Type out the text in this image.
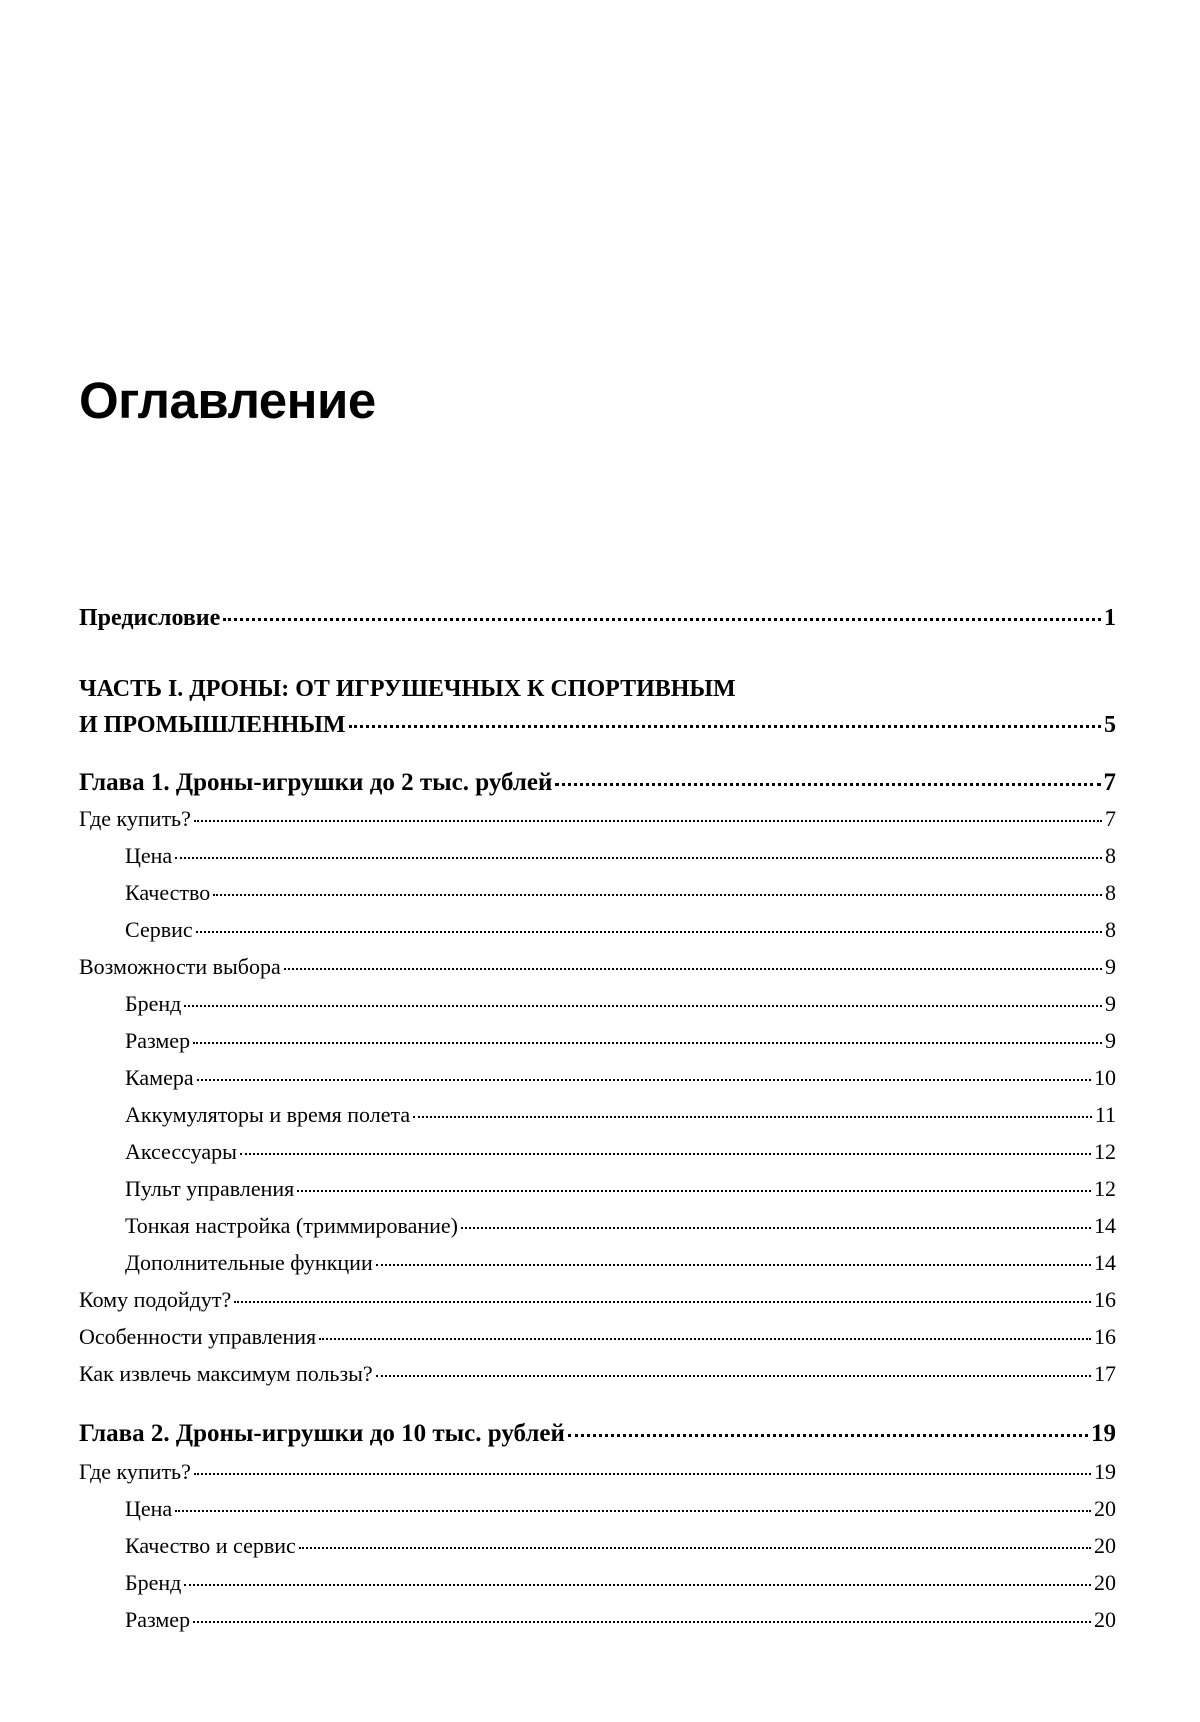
Оглавление
Предисловие	1
ЧАСТЬ I. ДРОНЫ: ОТ ИГРУШЕЧНЫХ К СПОРТИВНЫМ
И ПРОМЫШЛЕННЫМ	5
Глава 1. Дроны-игрушки до 2 тыс. рублей	7
Где купить?	7
Цена	8
Качество	8
Сервис	8
Возможности выбора	9
Бренд	9
Размер	9
Камера	10
Аккумуляторы и время полета	11
Аксессуары	12
Пульт управления	12
Тонкая настройка (триммирование)	14
Дополнительные функции	14
Кому подойдут?	16
Особенности управления	16
Как извлечь максимум пользы?	17
Глава 2. Дроны-игрушки до 10 тыс. рублей	19
Где купить?	19
Цена	20
Качество и сервис	20
Бренд	20
Размер	20
